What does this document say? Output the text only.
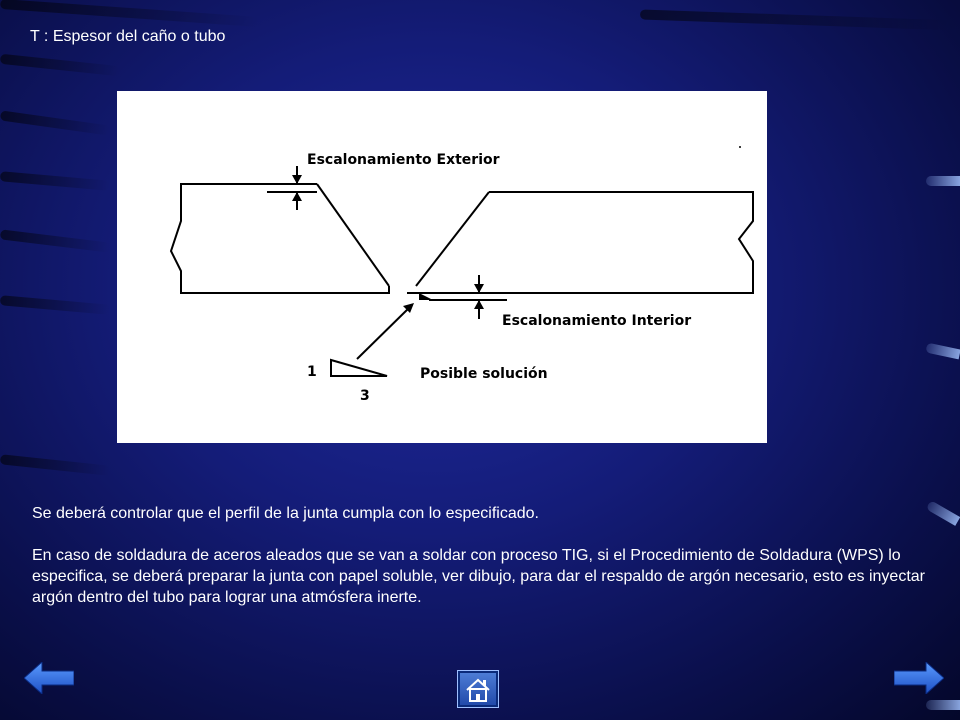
T : Espesor del caño o tubo
Escalonamiento Exterior
Escalonamiento Interior
Posible solución
1
3

Se deberá controlar que el perfil de la junta cumpla con lo especificado.

En caso de soldadura de aceros aleados que se van a soldar con proceso TIG, si el Procedimiento de Soldadura (WPS) lo especifica, se deberá preparar la junta con papel soluble, ver dibujo, para dar el respaldo de argón necesario, esto es inyectar argón dentro del tubo para lograr una atmósfera inerte.
